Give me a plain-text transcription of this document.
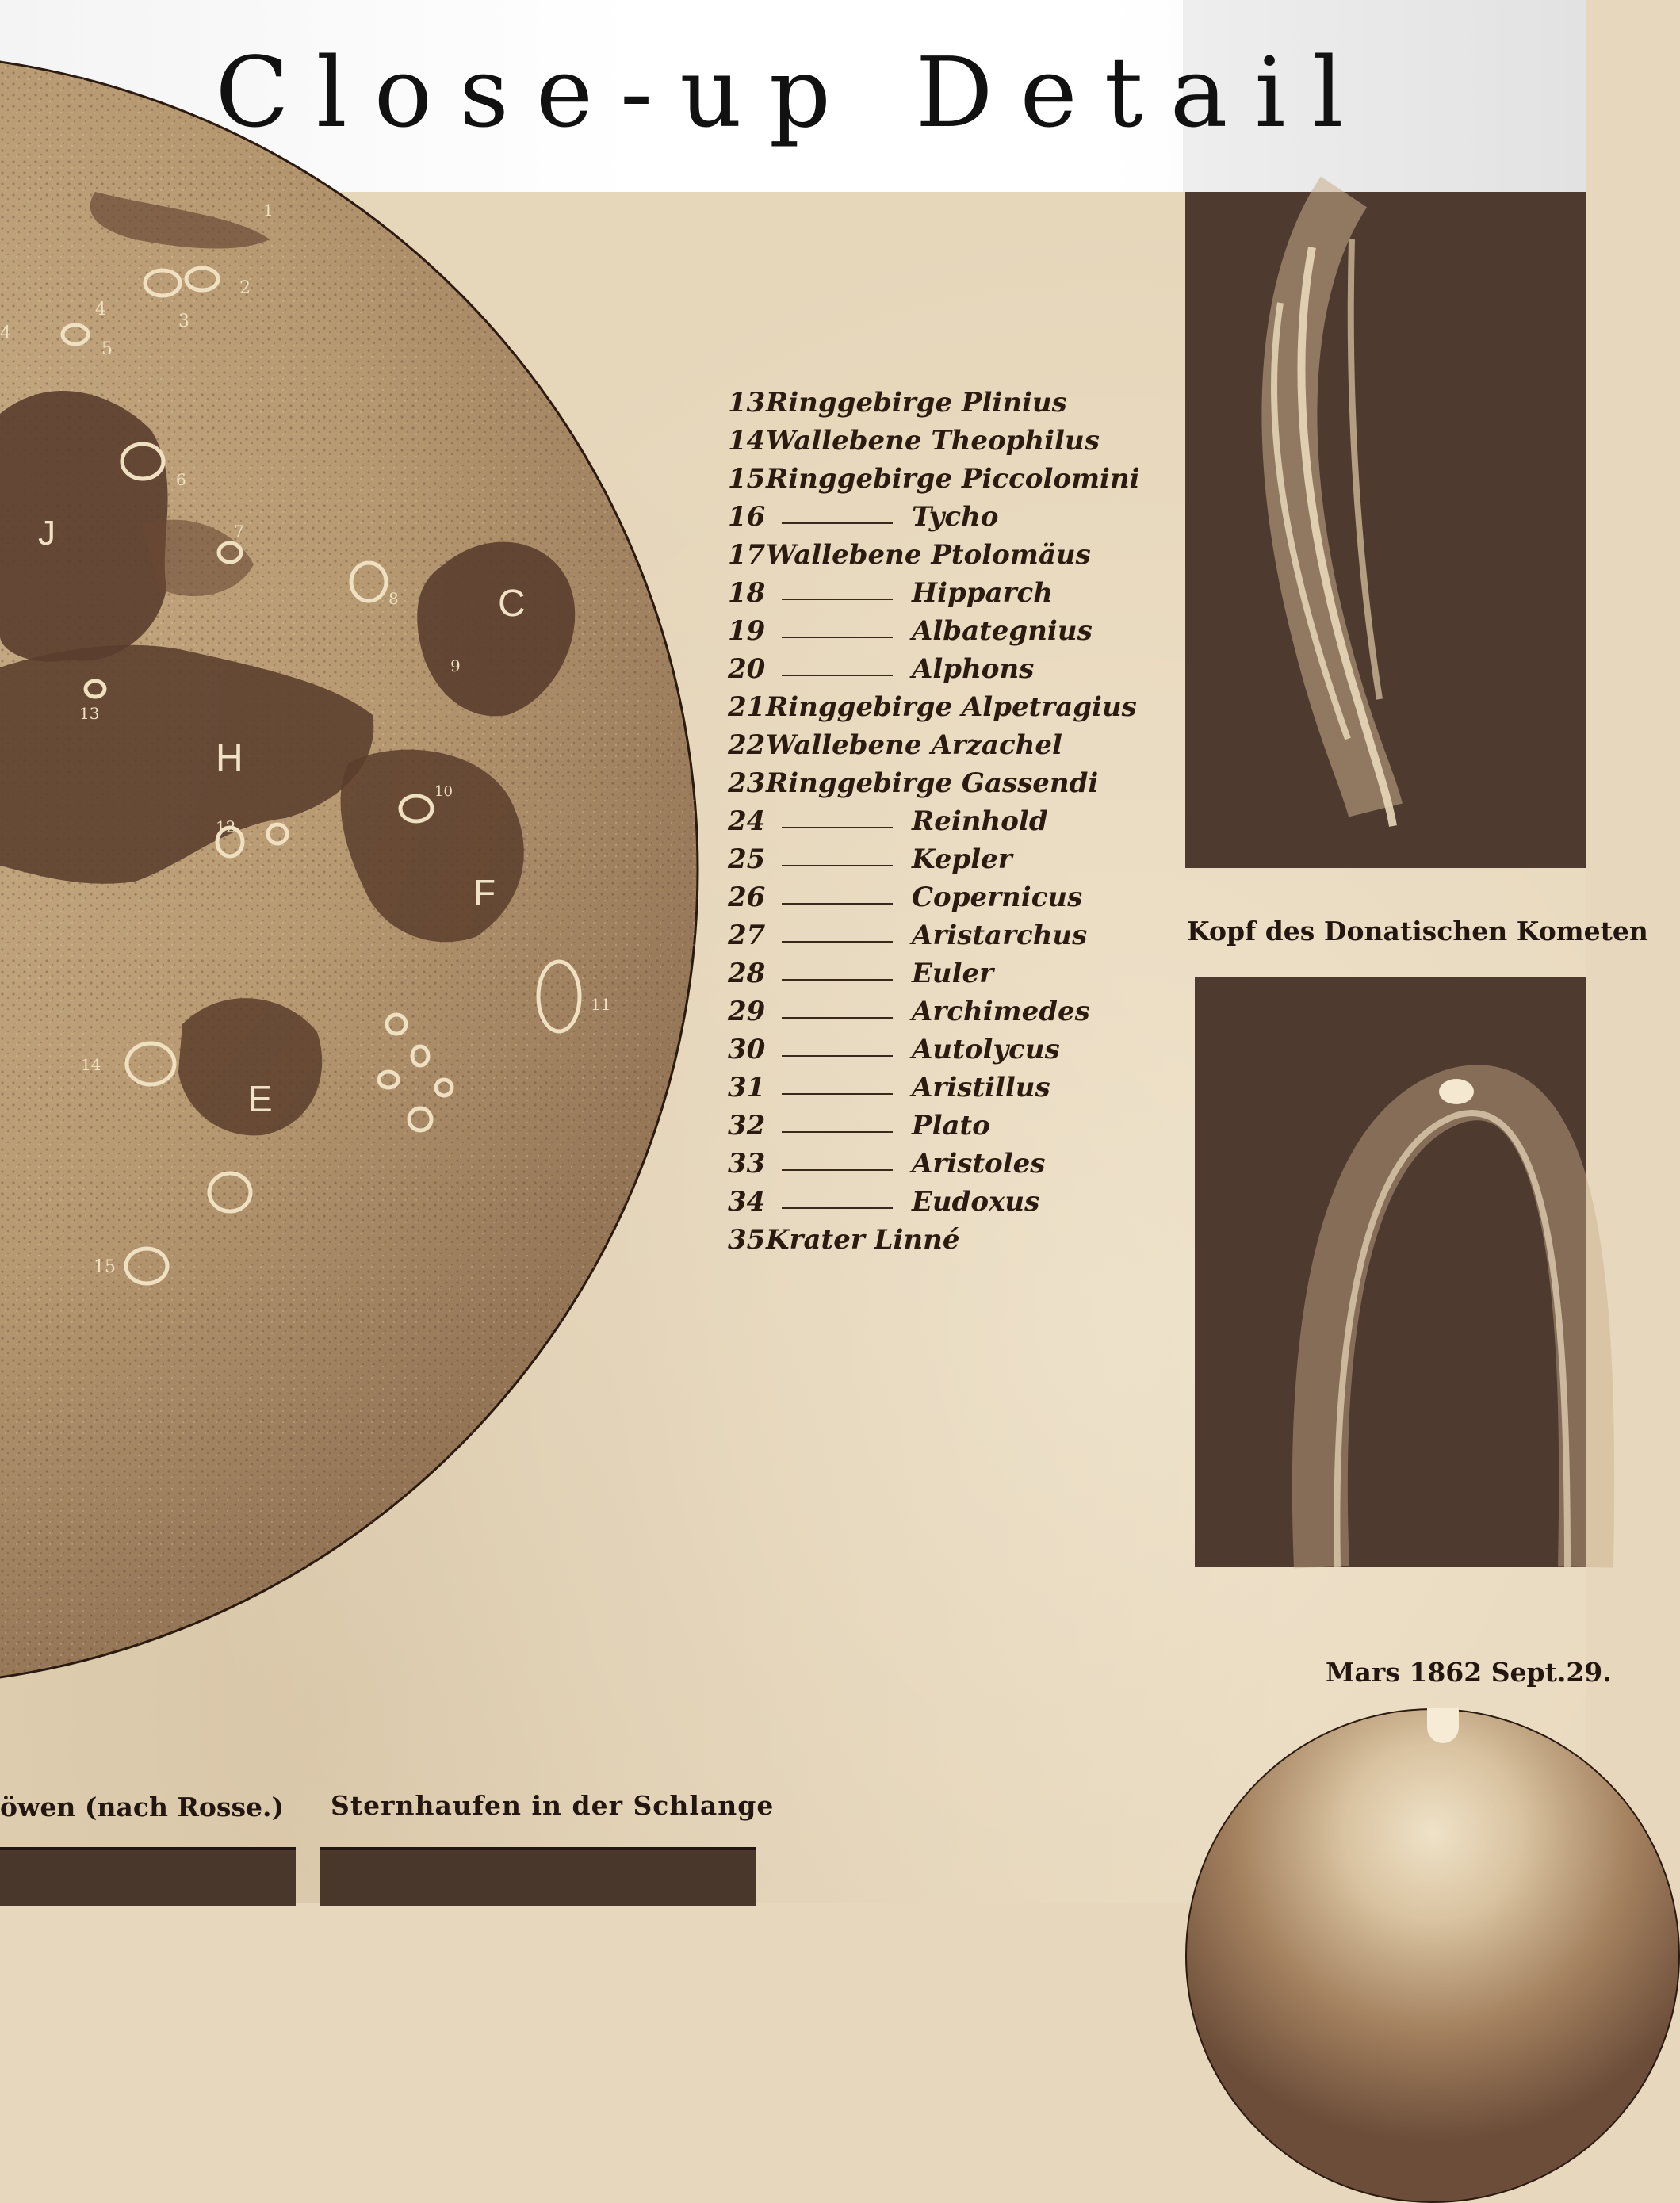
Close-up Detail
J
C
H
F
E
1
2
3
4
5
4
6
7
8
9
10
11
12
13
14
15
13 Ringgebirge Plinius
14 Wallebene Theophilus
15 Ringgebirge Piccolomini
16	Tycho
17 Wallebene Ptolomäus
18	Hipparch
19	Albategnius
20	Alphons
21 Ringgebirge Alpetragius
22 Wallebene Arzachel
23 Ringgebirge Gassendi
24	Reinhold
25	Kepler
26	Copernicus
27	Aristarchus
28	Euler
29	Archimedes
30	Autolycus
31	Aristillus
32	Plato
33	Aristoles
34	Eudoxus
35 Krater Linné
Kopf des Donatischen Kometen
Mars 1862 Sept.29.
öwen (nach Rosse.) Sternhaufen in der Schlange
